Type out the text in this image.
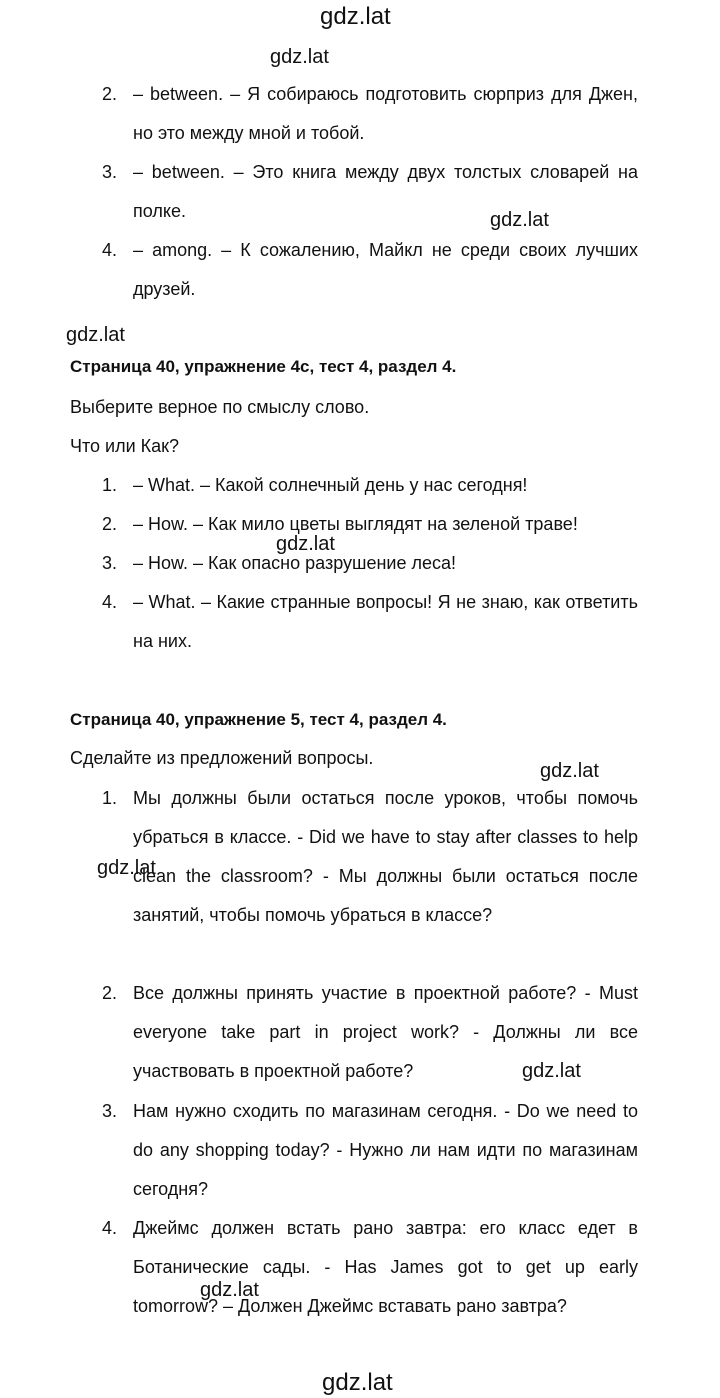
gdz.lat
gdz.lat
gdz.lat
gdz.lat
gdz.lat
gdz.lat
gdz.lat
gdz.lat
gdz.lat
gdz.lat
2. – between. – Я собираюсь подготовить сюрприз для Джен, но это между мной и тобой.
3. – between. – Это книга между двух толстых словарей на полке.
4. – among. – К сожалению, Майкл не среди своих лучших друзей.
Страница 40, упражнение 4c, тест 4, раздел 4.
Выберите верное по смыслу слово.
Что или Как?
1. – What. – Какой солнечный день у нас сегодня!
2. – How. – Как мило цветы выглядят на зеленой траве!
3. – How. – Как опасно разрушение леса!
4. – What. – Какие странные вопросы! Я не знаю, как ответить на них.
Страница 40, упражнение 5, тест 4, раздел 4.
Сделайте из предложений вопросы.
1. Мы должны были остаться после уроков, чтобы помочь убраться в классе. - Did we have to stay after classes to help clean the classroom? - Мы должны были остаться после занятий, чтобы помочь убраться в классе?
2. Все должны принять участие в проектной работе? - Must everyone take part in project work? - Должны ли все участвовать в проектной работе?
3. Нам нужно сходить по магазинам сегодня. - Do we need to do any shopping today? - Нужно ли нам идти по магазинам сегодня?
4. Джеймс должен встать рано завтра: его класс едет в Ботанические сады. - Has James got to get up early tomorrow? – Должен Джеймс вставать рано завтра?
